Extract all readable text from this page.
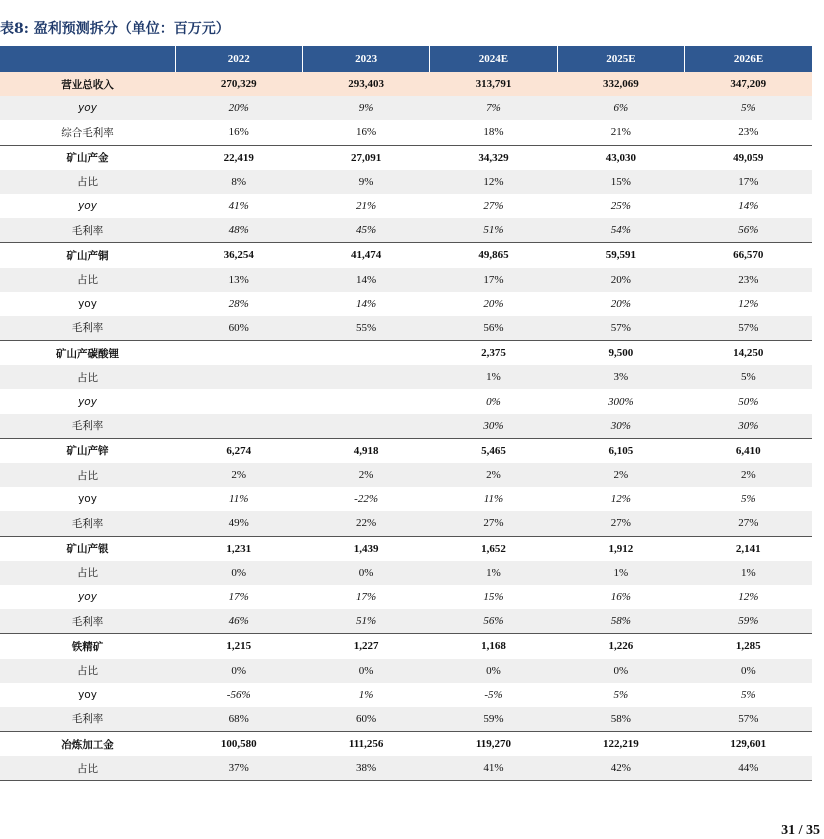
表8: 盈利预测拆分（单位：百万元）
	2022	2023	2024E	2025E	2026E
营业总收入	270,329	293,403	313,791	332,069	347,209
yoy	20%	9%	7%	6%	5%
综合毛利率	16%	16%	18%	21%	23%
矿山产金	22,419	27,091	34,329	43,030	49,059
占比	8%	9%	12%	15%	17%
yoy	41%	21%	27%	25%	14%
毛利率	48%	45%	51%	54%	56%
矿山产铜	36,254	41,474	49,865	59,591	66,570
占比	13%	14%	17%	20%	23%
yoy	28%	14%	20%	20%	12%
毛利率	60%	55%	56%	57%	57%
矿山产碳酸锂			2,375	9,500	14,250
占比			1%	3%	5%
yoy			0%	300%	50%
毛利率			30%	30%	30%
矿山产锌	6,274	4,918	5,465	6,105	6,410
占比	2%	2%	2%	2%	2%
yoy	11%	-22%	11%	12%	5%
毛利率	49%	22%	27%	27%	27%
矿山产银	1,231	1,439	1,652	1,912	2,141
占比	0%	0%	1%	1%	1%
yoy	17%	17%	15%	16%	12%
毛利率	46%	51%	56%	58%	59%
铁精矿	1,215	1,227	1,168	1,226	1,285
占比	0%	0%	0%	0%	0%
yoy	-56%	1%	-5%	5%	5%
毛利率	68%	60%	59%	58%	57%
冶炼加工金	100,580	111,256	119,270	122,219	129,601
占比	37%	38%	41%	42%	44%
31 / 35
